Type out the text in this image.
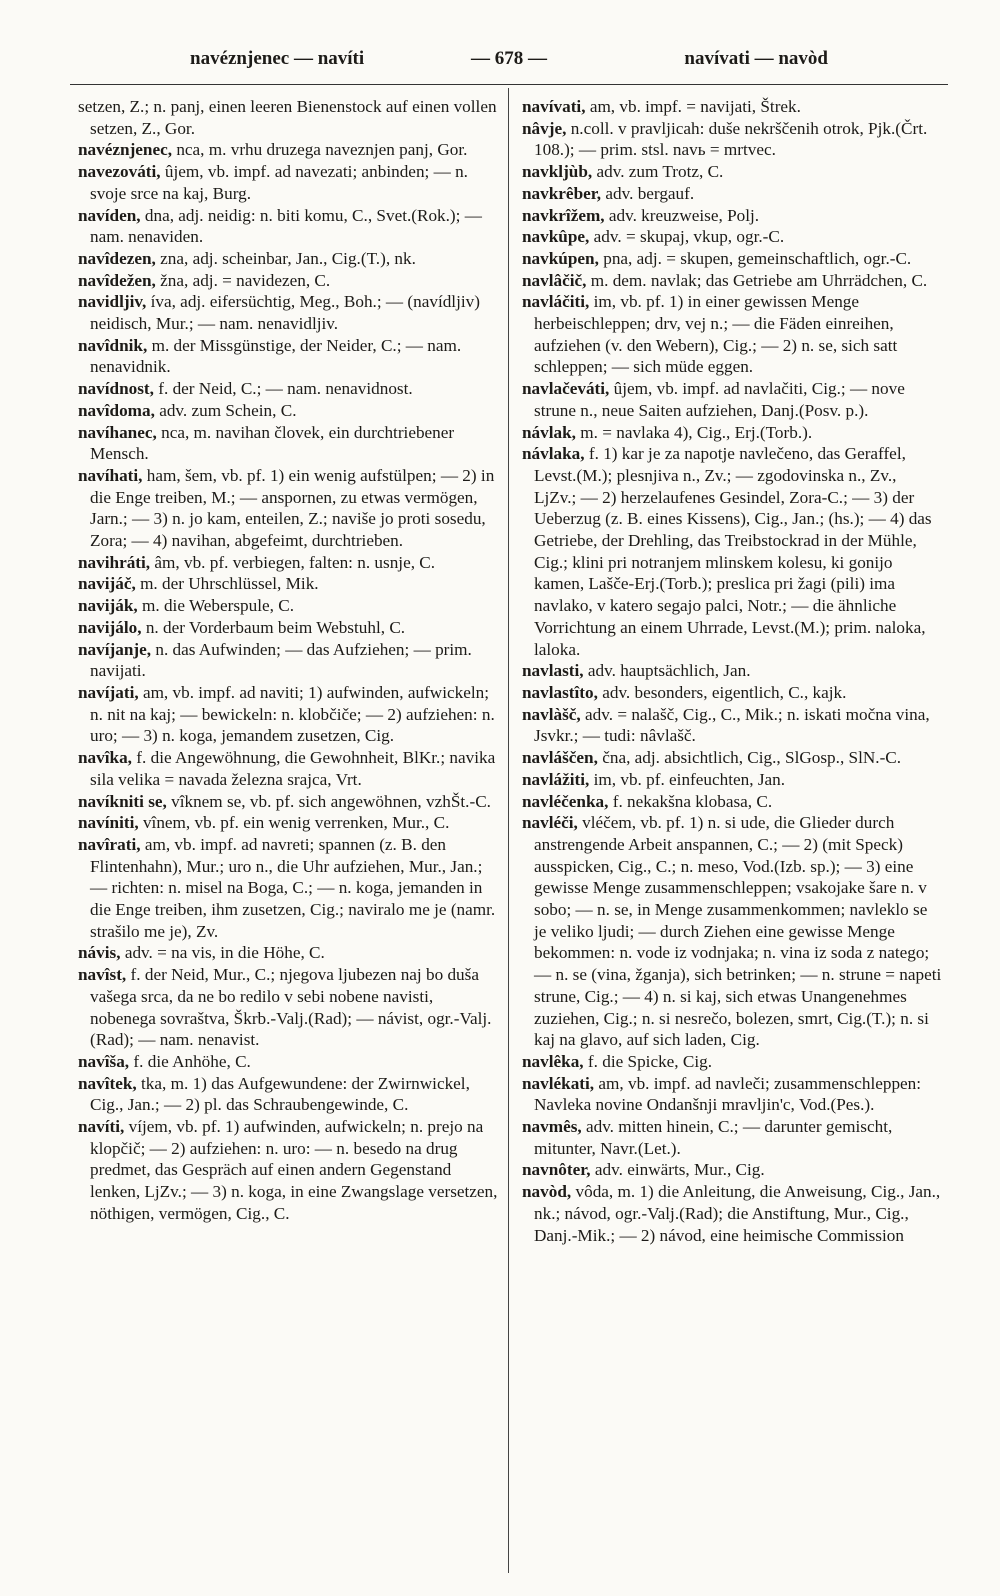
navéznjenec — navíti	— 678 —	navívati — navòd

setzen, Z.; n. panj, einen leeren Bienenstock auf einen vollen setzen, Z., Gor.

navéznjenec, nca, m. vrhu druzega naveznjen panj, Gor.

navezováti, ûjem, vb. impf. ad navezati; anbinden; — n. svoje srce na kaj, Burg.

navíden, dna, adj. neidig: n. biti komu, C., Svet.(Rok.); — nam. nenaviden.

navîdezen, zna, adj. scheinbar, Jan., Cig.(T.), nk.

navîdežen, žna, adj. = navidezen, C.

navidljiv, íva, adj. eifersüchtig, Meg., Boh.; — (navídljiv) neidisch, Mur.; — nam. nenavidljiv.

navîdnik, m. der Missgünstige, der Neider, C.; — nam. nenavidnik.

navídnost, f. der Neid, C.; — nam. nenavidnost.

navîdoma, adv. zum Schein, C.

navíhanec, nca, m. navihan človek, ein durchtriebener Mensch.

navíhati, ham, šem, vb. pf. 1) ein wenig aufstülpen; — 2) in die Enge treiben, M.; — anspornen, zu etwas vermögen, Jarn.; — 3) n. jo kam, enteilen, Z.; naviše jo proti sosedu, Zora; — 4) navihan, abgefeimt, durchtrieben.

navihráti, âm, vb. pf. verbiegen, falten: n. usnje, C.

navijáč, m. der Uhrschlüssel, Mik.

naviják, m. die Weberspule, C.

navijálo, n. der Vorderbaum beim Webstuhl, C.

navíjanje, n. das Aufwinden; — das Aufziehen; — prim. navijati.

navíjati, am, vb. impf. ad naviti; 1) aufwinden, aufwickeln; n. nit na kaj; — bewickeln: n. klobčiče; — 2) aufziehen: n. uro; — 3) n. koga, jemandem zusetzen, Cig.

navîka, f. die Angewöhnung, die Gewohnheit, BlKr.; navika sila velika = navada železna srajca, Vrt.

navíkniti se, vîknem se, vb. pf. sich angewöhnen, vzhŠt.-C.

navíniti, vînem, vb. pf. ein wenig verrenken, Mur., C.

navîrati, am, vb. impf. ad navreti; spannen (z. B. den Flintenhahn), Mur.; uro n., die Uhr aufziehen, Mur., Jan.; — richten: n. misel na Boga, C.; — n. koga, jemanden in die Enge treiben, ihm zusetzen, Cig.; naviralo me je (namr. strašilo me je), Zv.

návis, adv. = na vis, in die Höhe, C.

navîst, f. der Neid, Mur., C.; njegova ljubezen naj bo duša vašega srca, da ne bo redilo v sebi nobene navisti, nobenega sovraštva, Škrb.-Valj.(Rad); — návist, ogr.-Valj.(Rad); — nam. nenavist.

navîša, f. die Anhöhe, C.

navîtek, tka, m. 1) das Aufgewundene: der Zwirnwickel, Cig., Jan.; — 2) pl. das Schraubengewinde, C.

navíti, víjem, vb. pf. 1) aufwinden, aufwickeln; n. prejo na klopčič; — 2) aufziehen: n. uro: — n. besedo na drug predmet, das Gespräch auf einen andern Gegenstand lenken, LjZv.; — 3) n. koga, in eine Zwangslage versetzen, nöthigen, vermögen, Cig., C.

navívati, am, vb. impf. = navijati, Štrek.

nâvje, n.coll. v pravljicah: duše nekrščenih otrok, Pjk.(Črt. 108.); — prim. stsl. navь = mrtvec.

navkljùb, adv. zum Trotz, C.

navkrêber, adv. bergauf.

navkrîžem, adv. kreuzweise, Polj.

navkûpe, adv. = skupaj, vkup, ogr.-C.

navkúpen, pna, adj. = skupen, gemeinschaftlich, ogr.-C.

navlâčič, m. dem. navlak; das Getriebe am Uhrrädchen, C.

navláčiti, im, vb. pf. 1) in einer gewissen Menge herbeischleppen; drv, vej n.; — die Fäden einreihen, aufziehen (v. den Webern), Cig.; — 2) n. se, sich satt schleppen; — sich müde eggen.

navlačeváti, ûjem, vb. impf. ad navlačiti, Cig.; — nove strune n., neue Saiten aufziehen, Danj.(Posv. p.).

návlak, m. = navlaka 4), Cig., Erj.(Torb.).

návlaka, f. 1) kar je za napotje navlečeno, das Geraffel, Levst.(M.); plesnjiva n., Zv.; — zgodovinska n., Zv., LjZv.; — 2) herzelaufenes Gesindel, Zora-C.; — 3) der Ueberzug (z. B. eines Kissens), Cig., Jan.; (hs.); — 4) das Getriebe, der Drehling, das Treibstockrad in der Mühle, Cig.; klini pri notranjem mlinskem kolesu, ki gonijo kamen, Lašče-Erj.(Torb.); preslica pri žagi (pili) ima navlako, v katero segajo palci, Notr.; — die ähnliche Vorrichtung an einem Uhrrade, Levst.(M.); prim. naloka, laloka.

navlasti, adv. hauptsächlich, Jan.

navlastîto, adv. besonders, eigentlich, C., kajk.

navlàšč, adv. = nalašč, Cig., C., Mik.; n. iskati močna vina, Jsvkr.; — tudi: nâvlašč.

navláščen, čna, adj. absichtlich, Cig., SlGosp., SlN.-C.

navlážiti, im, vb. pf. einfeuchten, Jan.

navléčenka, f. nekakšna klobasa, C.

navléči, vléčem, vb. pf. 1) n. si ude, die Glieder durch anstrengende Arbeit anspannen, C.; — 2) (mit Speck) ausspicken, Cig., C.; n. meso, Vod.(Izb. sp.); — 3) eine gewisse Menge zusammenschleppen; vsakojake šare n. v sobo; — n. se, in Menge zusammenkommen; navleklo se je veliko ljudi; — durch Ziehen eine gewisse Menge bekommen: n. vode iz vodnjaka; n. vina iz soda z natego; — n. se (vina, žganja), sich betrinken; — n. strune = napeti strune, Cig.; — 4) n. si kaj, sich etwas Unangenehmes zuziehen, Cig.; n. si nesrečo, bolezen, smrt, Cig.(T.); n. si kaj na glavo, auf sich laden, Cig.

navlêka, f. die Spicke, Cig.

navlékati, am, vb. impf. ad navleči; zusammenschleppen: Navleka novine Ondanšnji mravljin'c, Vod.(Pes.).

navmês, adv. mitten hinein, C.; — darunter gemischt, mitunter, Navr.(Let.).

navnôter, adv. einwärts, Mur., Cig.

navòd, vôda, m. 1) die Anleitung, die Anweisung, Cig., Jan., nk.; návod, ogr.-Valj.(Rad); die Anstiftung, Mur., Cig., Danj.-Mik.; — 2) návod, eine heimische Commission
